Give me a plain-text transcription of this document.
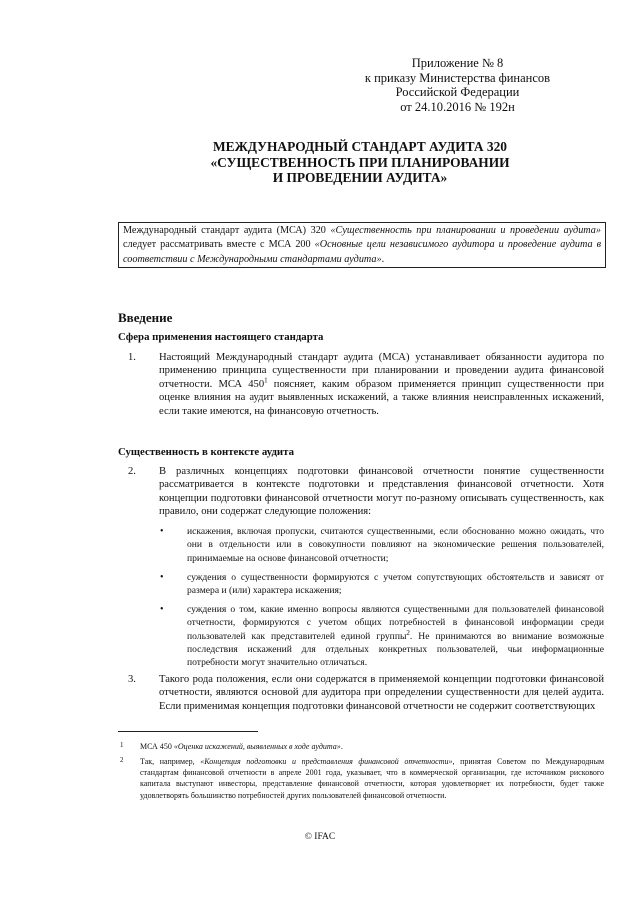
Приложение № 8
к приказу Министерства финансов
Российской Федерации
от 24.10.2016 № 192н
МЕЖДУНАРОДНЫЙ СТАНДАРТ АУДИТА 320
«СУЩЕСТВЕННОСТЬ ПРИ ПЛАНИРОВАНИИ
И ПРОВЕДЕНИИ АУДИТА»

Международный стандарт аудита (МСА) 320 «Существенность при планировании и проведении аудита» следует рассматривать вместе с МСА 200 «Основные цели независимого аудитора и проведение аудита в соответствии с Международными стандартами аудита».

Введение
Сфера применения настоящего стандарта
1. Настоящий Международный стандарт аудита (МСА) устанавливает обязанности аудитора по применению принципа существенности при планировании и проведении аудита финансовой отчетности. МСА $450^1$ поясняет, каким образом применяется принцип существенности при оценке влияния на аудит выявленных искажений, а также влияния неисправленных искажений, если такие имеются, на финансовую отчетность.

Существенность в контексте аудита
2. В различных концепциях подготовки финансовой отчетности понятие существенности рассматривается в контексте подготовки и представления финансовой отчетности. Хотя концепции подготовки финансовой отчетности могут по-разному описывать существенность, как правило, они содержат следующие положения:

• искажения, включая пропуски, считаются существенными, если обоснованно можно ожидать, что они в отдельности или в совокупности повлияют на экономические решения пользователей, принимаемые на основе финансовой отчетности;

• суждения о существенности формируются с учетом сопутствующих обстоятельств и зависят от размера и (или) характера искажения;

• суждения о том, какие именно вопросы являются существенными для пользователей финансовой отчетности, формируются с учетом общих потребностей в финансовой информации среди пользователей как представителей единой группы$^2$. Не принимаются во внимание возможные последствия искажений для отдельных конкретных пользователей, чьи информационные потребности могут значительно отличаться.

3. Такого рода положения, если они содержатся в применяемой концепции подготовки финансовой отчетности, являются основой для аудитора при определении существенности для целей аудита. Если применимая концепция подготовки финансовой отчетности не содержит соответствующих

1 МСА 450 «Оценка искажений, выявленных в ходе аудита».

2 Так, например, «Концепция подготовки и представления финансовой отчетности», принятая Советом по Международным стандартам финансовой отчетности в апреле 2001 года, указывает, что в коммерческой организации, где источником рискового капитала выступают инвесторы, представление финансовой отчетности, которая удовлетворяет их потребности, будет также удовлетворять большинство потребностей других пользователей финансовой отчетности.

© IFAC
